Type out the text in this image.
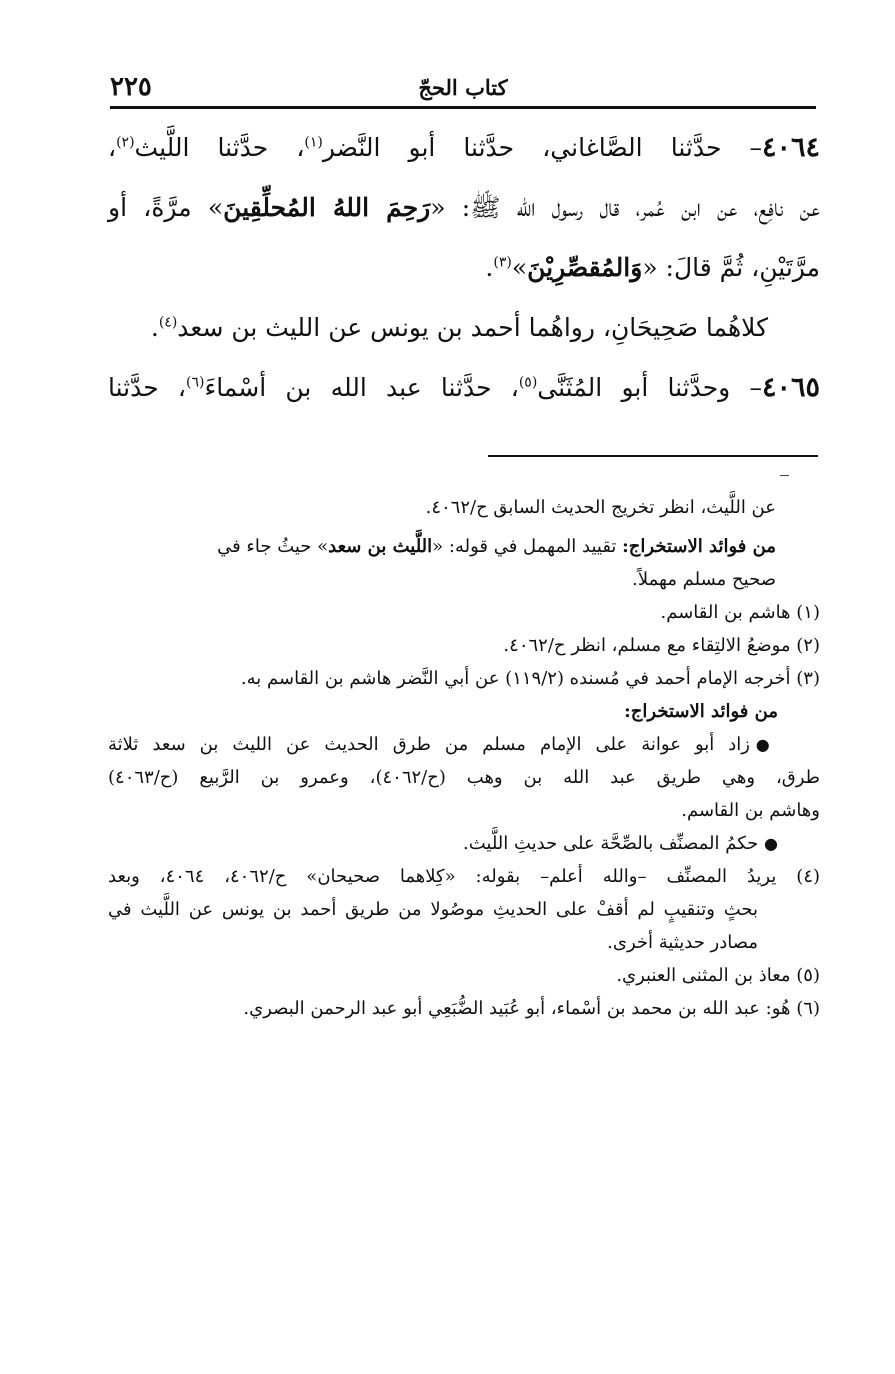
٢٢٥	كتاب الحجّ
٤٠٦٤– حدَّثنا الصَّاغاني، حدَّثنا أبو النَّضر$^{(١)}$، حدَّثنا اللَّيث$^{(٢)}$،
عن نافِع، عن ابن عُمر، قال رسول الله ﷺ: «رَحِمَ اللهُ المُحلِّقِينَ» مرَّةً، أو
مرَّتَيْنِ، ثُمَّ قالَ: «وَالمُقصِّرِيْنَ»$^{(٣)}$.
كلاهُما صَحِيحَانِ، رواهُما أحمد بن يونس عن الليث بن سعد$^{(٤)}$.
٤٠٦٥– وحدَّثنا أبو المُثَنَّى$^{(٥)}$، حدَّثنا عبد الله بن أسْماءَ$^{(٦)}$، حدَّثنا
عن اللَّيث، انظر تخريج الحديث السابق ح/٤٠٦٢.
من فوائد الاستخراج: تقييد المهمل في قوله: «اللَّيث بن سعد» حيثُ جاء في
صحيح مسلم مهملاً.
(١) هاشم بن القاسم.
(٢) موضعُ الالتِقاء مع مسلم، انظر ح/٤٠٦٢.
(٣) أخرجه الإمام أحمد في مُسنده (١١٩/٢) عن أبي النَّضر هاشم بن القاسم به.
من فوائد الاستخراج:
● زاد أبو عوانة على الإمام مسلم من طرق الحديث عن الليث بن سعد ثلاثة
طرق، وهي طريق عبد الله بن وهب (ح/٤٠٦٢)، وعمرو بن الرَّبيع (ح/٤٠٦٣)
وهاشم بن القاسم.
● حكمُ المصنِّف بالصِّحَّة على حديثِ اللَّيث.
(٤) يريدُ المصنِّف –والله أعلم– بقوله: «كِلاهما صحيحان» ح/٤٠٦٢، ٤٠٦٤، وبعد
بحثٍ وتنقيبٍ لم أقفْ على الحديثِ موصُولا من طريق أحمد بن يونس عن اللَّيث في
مصادر حديثية أخرى.
(٥) معاذ بن المثنى العنبري.
(٦) هُو: عبد الله بن محمد بن أسْماء، أبو عُبَيد الضُّبَعِي أبو عبد الرحمن البصري.
